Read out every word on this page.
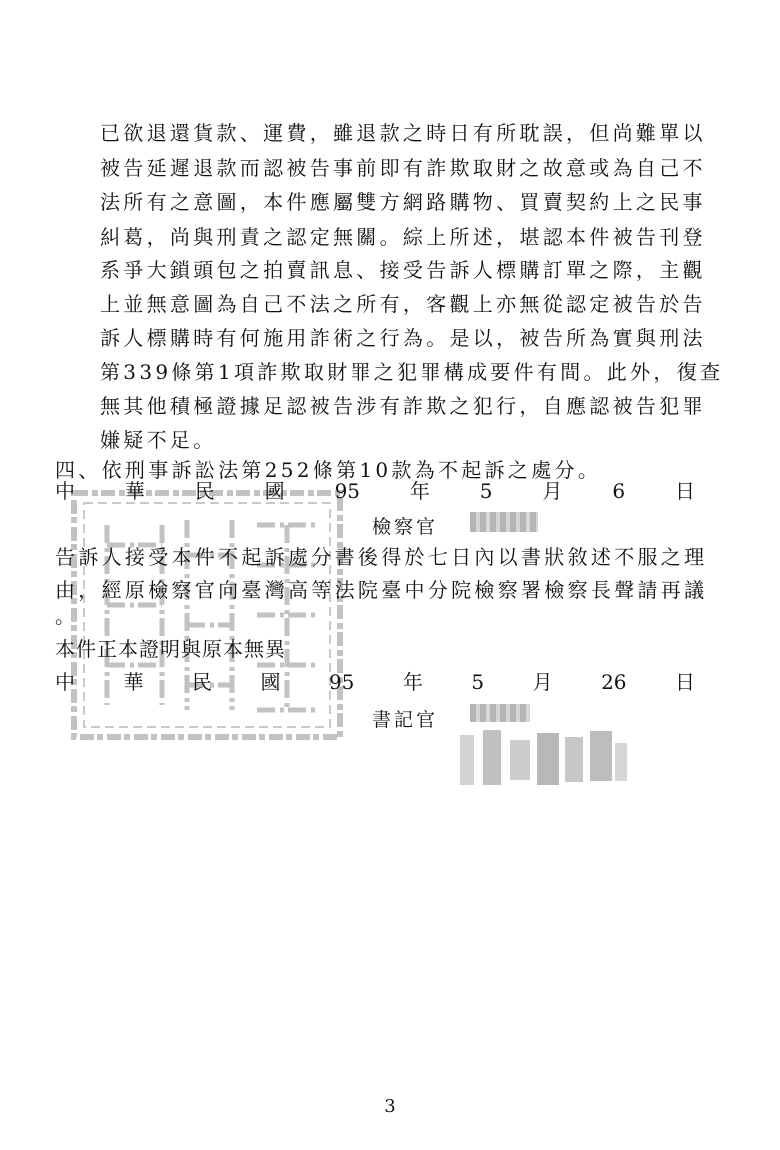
已欲退還貨款、運費，雖退款之時日有所耽誤，但尚難單以
被告延遲退款而認被告事前即有詐欺取財之故意或為自己不
法所有之意圖，本件應屬雙方網路購物、買賣契約上之民事
糾葛，尚與刑責之認定無關。綜上所述，堪認本件被告刊登
系爭大鎖頭包之拍賣訊息、接受告訴人標購訂單之際，主觀
上並無意圖為自己不法之所有，客觀上亦無從認定被告於告
訴人標購時有何施用詐術之行為。是以，被告所為實與刑法
第339條第1項詐欺取財罪之犯罪構成要件有間。此外，復查
無其他積極證據足認被告涉有詐欺之犯行，自應認被告犯罪
嫌疑不足。
四、依刑事訴訟法第252條第10款為不起訴之處分。
中 華 民 國 95 年 5 月 6 日
檢察官
告訴人接受本件不起訴處分書後得於七日內以書狀敘述不服之理
由，經原檢察官向臺灣高等法院臺中分院檢察署檢察長聲請再議
。
本件正本證明與原本無異
中 華 民 國 95 年 5 月 26 日
書記官
3
